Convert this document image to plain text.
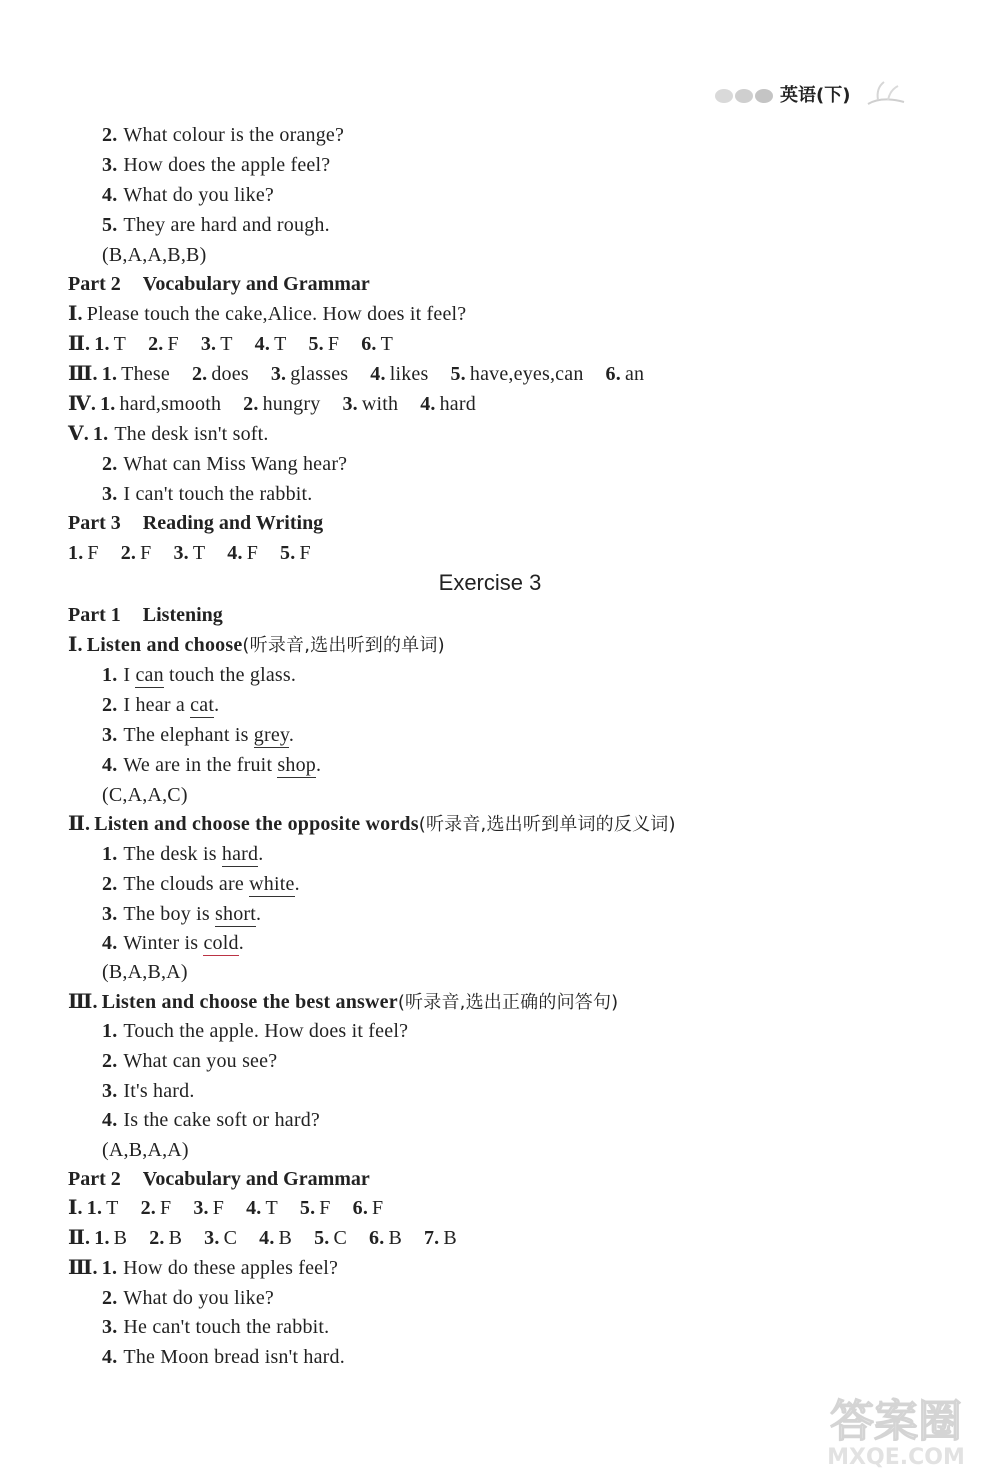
英语(下)
2. What colour is the orange?
3. How does the apple feel?
4. What do you like?
5. They are hard and rough.
(B,A,A,B,B)
Part 2 Vocabulary and Grammar
Ⅰ. Please touch the cake,Alice. How does it feel?
Ⅱ. 1. T 2. F 3. T 4. T 5. F 6. T
Ⅲ. 1. These 2. does 3. glasses 4. likes 5. have,eyes,can 6. an
Ⅳ. 1. hard,smooth 2. hungry 3. with 4. hard
Ⅴ. 1. The desk isn't soft.
2. What can Miss Wang hear?
3. I can't touch the rabbit.
Part 3 Reading and Writing
1. F 2. F 3. T 4. F 5. F
Exercise 3
Part 1 Listening
Ⅰ. Listen and choose(听录音,选出听到的单词)
1. I can touch the glass.
2. I hear a cat.
3. The elephant is grey.
4. We are in the fruit shop.
(C,A,A,C)
Ⅱ. Listen and choose the opposite words(听录音,选出听到单词的反义词)
1. The desk is hard.
2. The clouds are white.
3. The boy is short.
4. Winter is cold.
(B,A,B,A)
Ⅲ. Listen and choose the best answer(听录音,选出正确的问答句)
1. Touch the apple. How does it feel?
2. What can you see?
3. It's hard.
4. Is the cake soft or hard?
(A,B,A,A)
Part 2 Vocabulary and Grammar
Ⅰ. 1. T 2. F 3. F 4. T 5. F 6. F
Ⅱ. 1. B 2. B 3. C 4. B 5. C 6. B 7. B
Ⅲ. 1. How do these apples feel?
2. What do you like?
3. He can't touch the rabbit.
4. The Moon bread isn't hard.
答案圈
MXQE.COM
